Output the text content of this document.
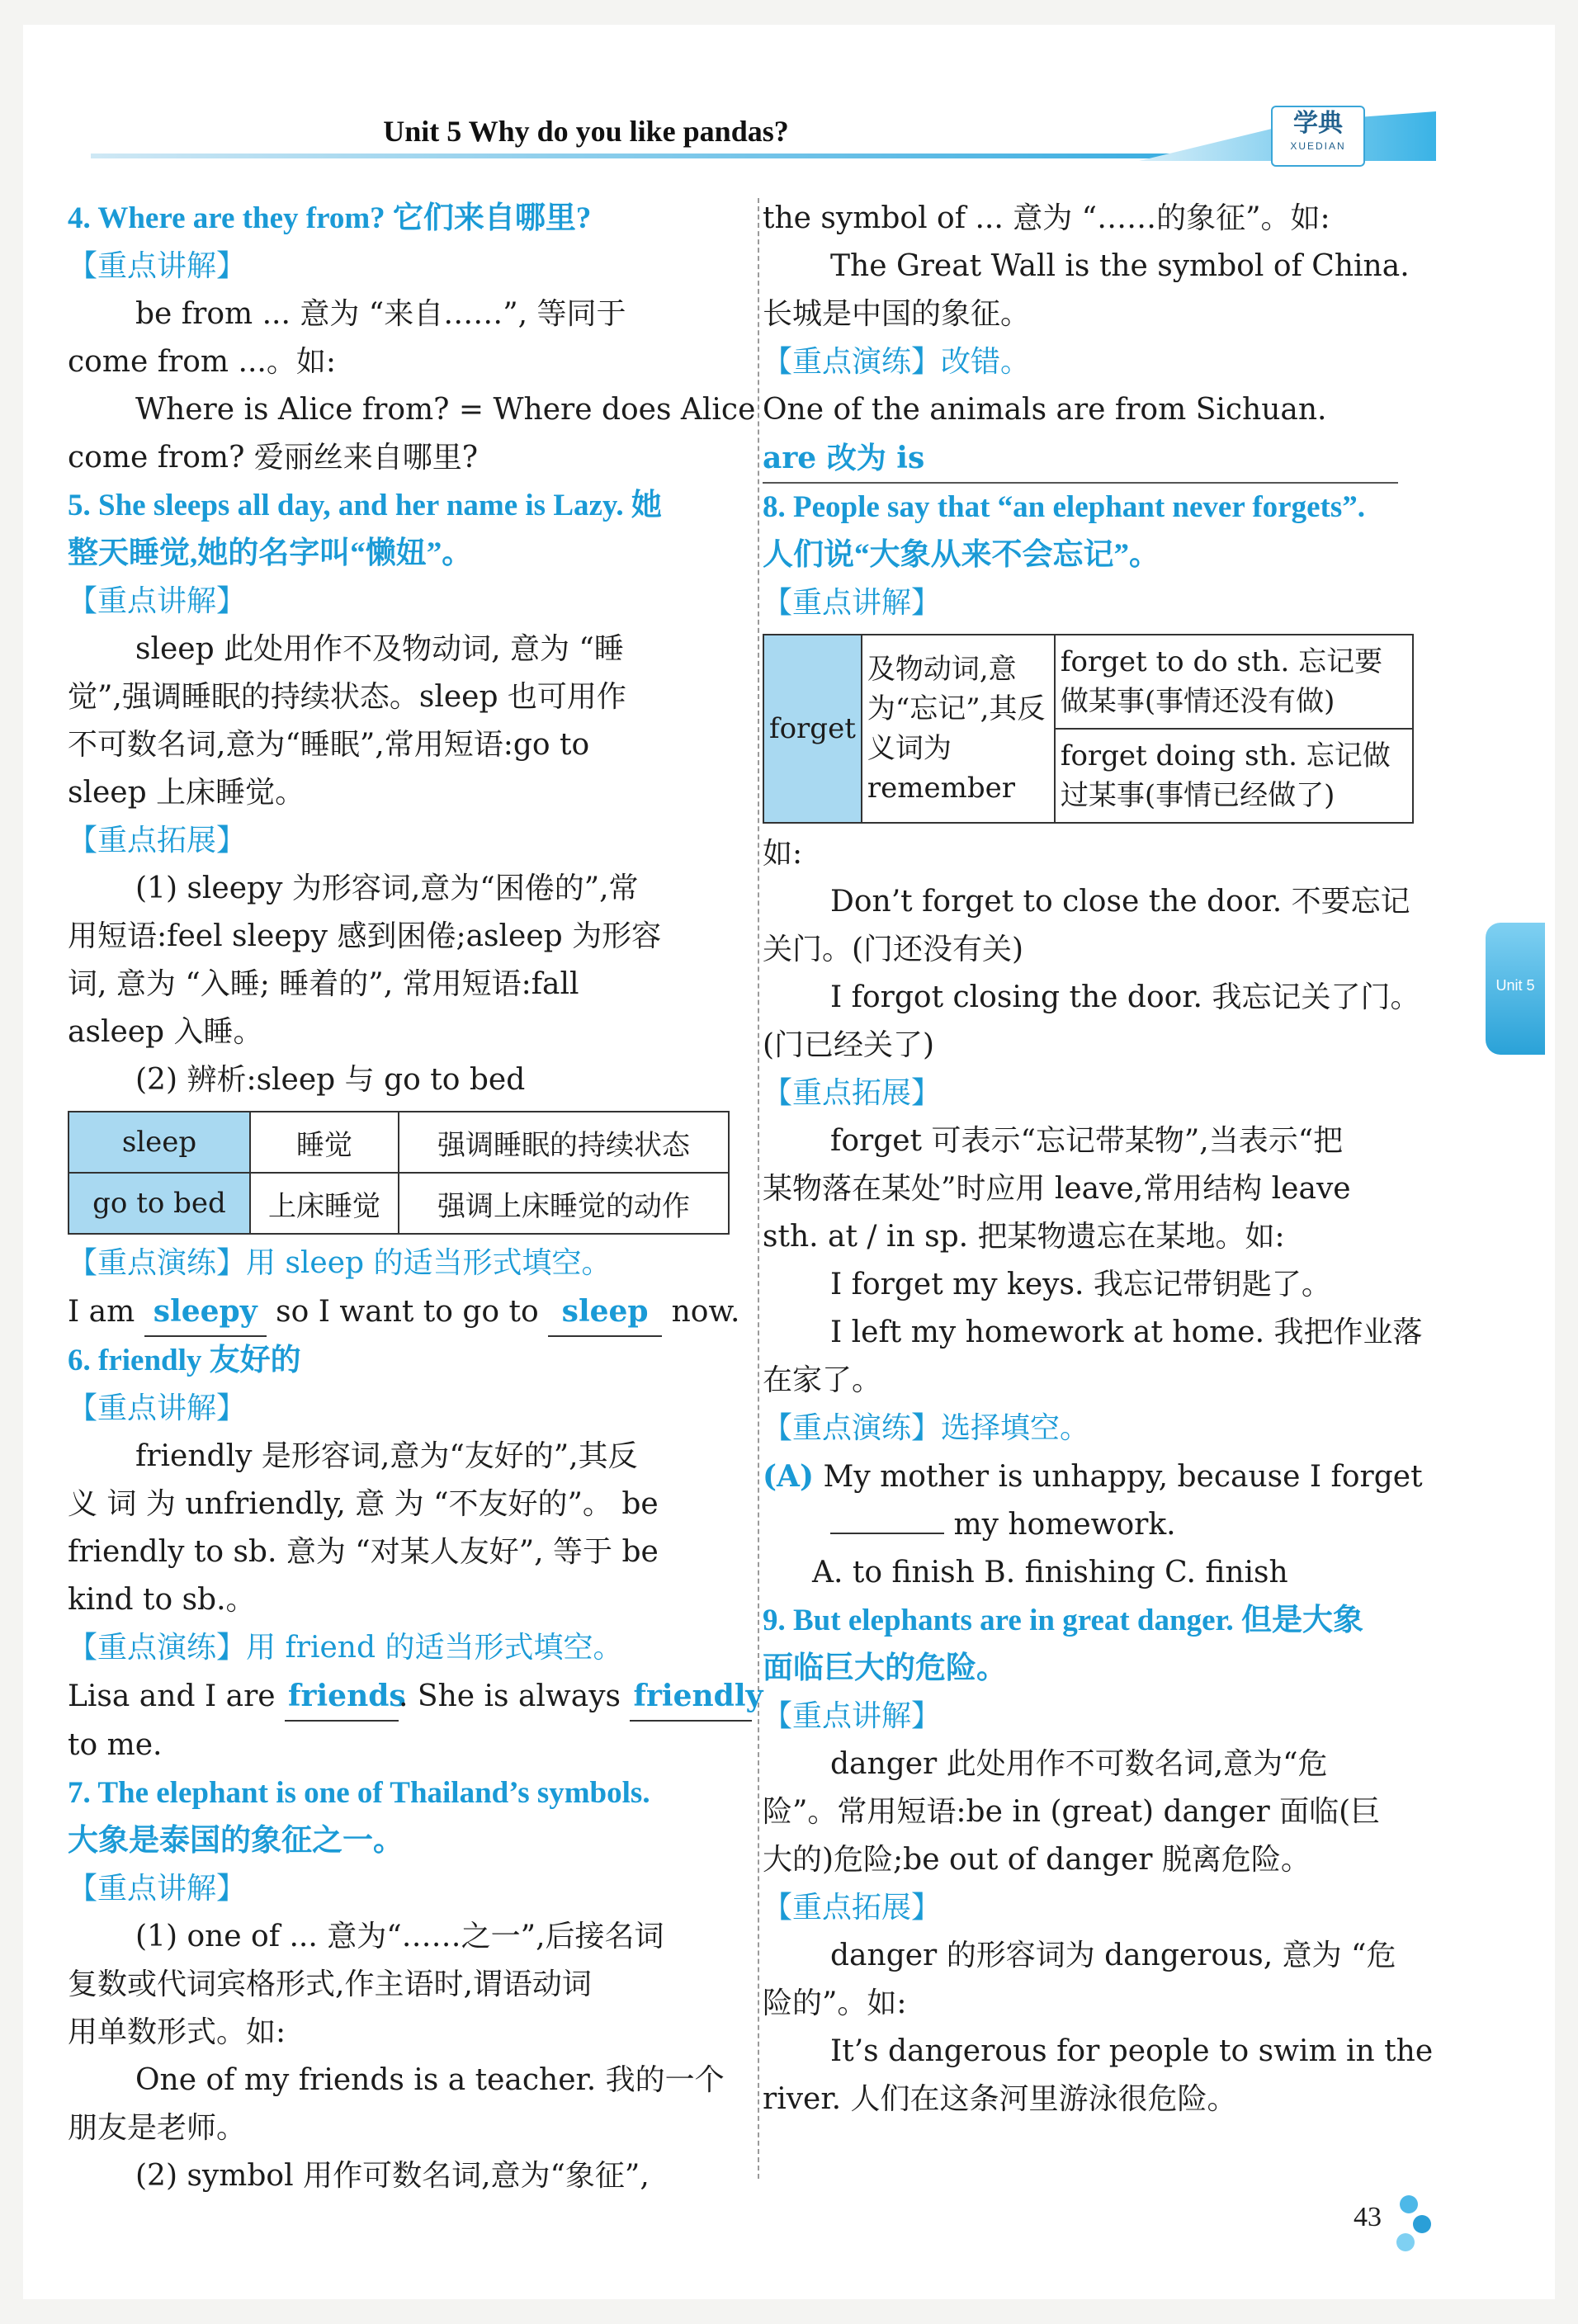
Unit 5 Why do you like pandas?	学典
XUEDIAN
4. Where are they from? 它们来自哪里?
【重点讲解】
be from ... 意为 “来自……”, 等同于
come from ...。如:
Where is Alice from? = Where does Alice
come from? 爱丽丝来自哪里?
5. She sleeps all day, and her name is Lazy. 她
整天睡觉,她的名字叫“懒妞”。
【重点讲解】
sleep 此处用作不及物动词, 意为 “睡
觉”,强调睡眠的持续状态。sleep 也可用作
不可数名词,意为“睡眠”,常用短语:go to
sleep 上床睡觉。
【重点拓展】
(1) sleepy 为形容词,意为“困倦的”,常
用短语:feel sleepy 感到困倦;asleep 为形容
词, 意为 “入睡; 睡着的”, 常用短语:fall
asleep 入睡。
(2) 辨析:sleep 与 go to bed
sleep	睡觉	强调睡眠的持续状态
go to bed	上床睡觉	强调上床睡觉的动作
【重点演练】用 sleep 的适当形式填空。
I am sleepy so I want to go to sleep now.
6. friendly 友好的
【重点讲解】
friendly 是形容词,意为“友好的”,其反
义 词 为 unfriendly, 意 为 “不友好的”。 be
friendly to sb. 意为 “对某人友好”, 等于 be
kind to sb.。
【重点演练】用 friend 的适当形式填空。
Lisa and I are friends. She is always friendly
to me.
7. The elephant is one of Thailand’s symbols.
大象是泰国的象征之一。
【重点讲解】
(1) one of ... 意为“……之一”,后接名词
复数或代词宾格形式,作主语时,谓语动词
用单数形式。如:
One of my friends is a teacher. 我的一个
朋友是老师。
(2) symbol 用作可数名词,意为“象征”,
the symbol of ... 意为 “……的象征”。如:
The Great Wall is the symbol of China.
长城是中国的象征。
【重点演练】改错。
One of the animals are from Sichuan.
are 改为 is
8. People say that “an elephant never forgets”.
人们说“大象从来不会忘记”。
【重点讲解】
forget	及物动词,意为“忘记”,其反义词为remember	forget to do sth. 忘记要做某事(事情还没有做)
forget doing sth. 忘记做过某事(事情已经做了)
如:
Don’t forget to close the door. 不要忘记
关门。(门还没有关)
I forgot closing the door. 我忘记关了门。
(门已经关了)
【重点拓展】
forget 可表示“忘记带某物”,当表示“把
某物落在某处”时应用 leave,常用结构 leave
sth. at / in sp. 把某物遗忘在某地。如:
I forget my keys. 我忘记带钥匙了。
I left my homework at home. 我把作业落
在家了。
【重点演练】选择填空。
(A) My mother is unhappy, because I forget
my homework.
A. to finish B. finishing C. finish
9. But elephants are in great danger. 但是大象
面临巨大的危险。
【重点讲解】
danger 此处用作不可数名词,意为“危
险”。常用短语:be in (great) danger 面临(巨
大的)危险;be out of danger 脱离危险。
【重点拓展】
danger 的形容词为 dangerous, 意为 “危
险的”。如:
It’s dangerous for people to swim in the
river. 人们在这条河里游泳很危险。
Unit 5
43
